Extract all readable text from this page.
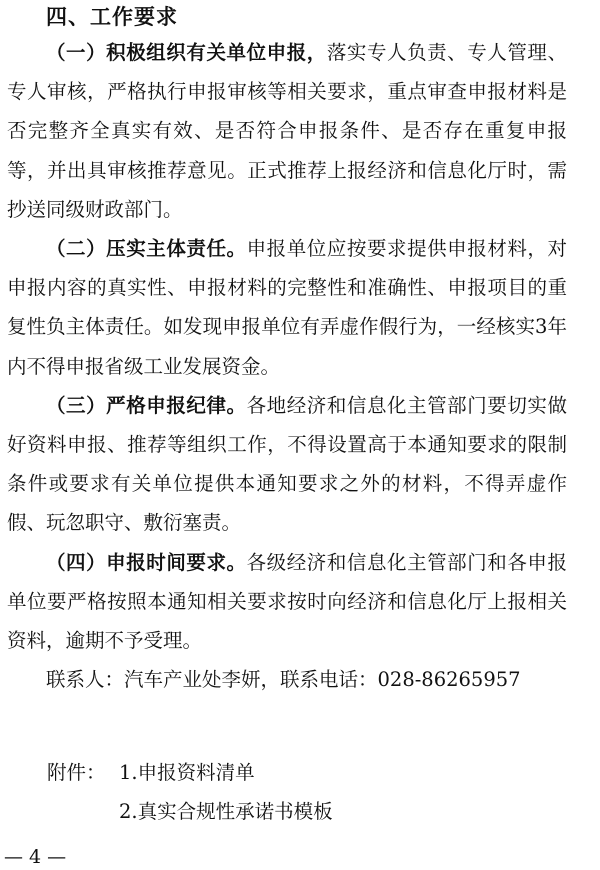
四、工作要求

（一）积极组织有关单位申报，落实专人负责、专人管理、专人审核，严格执行申报审核等相关要求，重点审查申报材料是否完整齐全真实有效、是否符合申报条件、是否存在重复申报等，并出具审核推荐意见。正式推荐上报经济和信息化厅时，需抄送同级财政部门。

（二）压实主体责任。申报单位应按要求提供申报材料，对申报内容的真实性、申报材料的完整性和准确性、申报项目的重复性负主体责任。如发现申报单位有弄虚作假行为，一经核实3年内不得申报省级工业发展资金。

（三）严格申报纪律。各地经济和信息化主管部门要切实做好资料申报、推荐等组织工作，不得设置高于本通知要求的限制条件或要求有关单位提供本通知要求之外的材料，不得弄虚作假、玩忽职守、敷衍塞责。

（四）申报时间要求。各级经济和信息化主管部门和各申报单位要严格按照本通知相关要求按时向经济和信息化厅上报相关资料，逾期不予受理。

联系人：汽车产业处李妍，联系电话：028-86265957

附件： 1.申报资料清单
2.真实合规性承诺书模板
— 4 —
